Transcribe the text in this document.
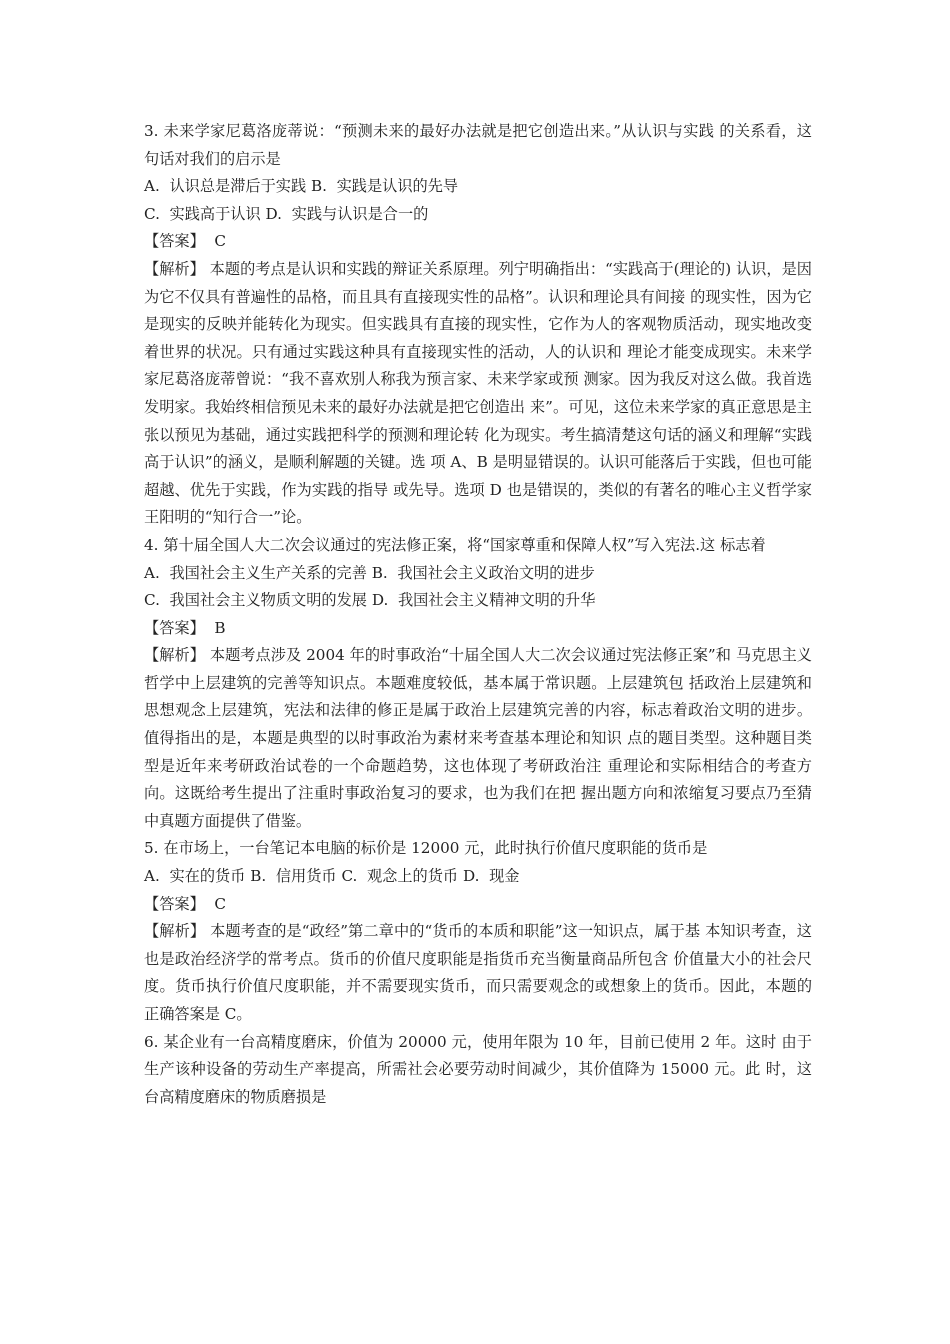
3. 未来学家尼葛洛庞蒂说：“预测未来的最好办法就是把它创造出来。”从认识与实践 的关系看，这句话对我们的启示是

A.  认识总是滞后于实践 B.  实践是认识的先导

C.  实践高于认识 D.  实践与认识是合一的

【答案】  C

【解析】 本题的考点是认识和实践的辩证关系原理。列宁明确指出：“实践高于(理论的) 认识，是因为它不仅具有普遍性的品格，而且具有直接现实性的品格”。认识和理论具有间接 的现实性，因为它是现实的反映并能转化为现实。但实践具有直接的现实性，它作为人的客观物质活动，现实地改变着世界的状况。只有通过实践这种具有直接现实性的活动，人的认识和 理论才能变成现实。未来学家尼葛洛庞蒂曾说：“我不喜欢别人称我为预言家、未来学家或预 测家。因为我反对这么做。我首选发明家。我始终相信预见未来的最好办法就是把它创造出 来”。可见，这位未来学家的真正意思是主张以预见为基础，通过实践把科学的预测和理论转 化为现实。考生搞清楚这句话的涵义和理解“实践高于认识”的涵义，是顺利解题的关键。选 项 A、B 是明显错误的。认识可能落后于实践，但也可能超越、优先于实践，作为实践的指导 或先导。选项 D 也是错误的，类似的有著名的唯心主义哲学家王阳明的“知行合一”论。

4. 第十届全国人大二次会议通过的宪法修正案，将“国家尊重和保障人权”写入宪法.这 标志着

A.  我国社会主义生产关系的完善 B.  我国社会主义政治文明的进步

C.  我国社会主义物质文明的发展 D.  我国社会主义精神文明的升华

【答案】  B

【解析】 本题考点涉及 2004 年的时事政治“十届全国人大二次会议通过宪法修正案”和 马克思主义哲学中上层建筑的完善等知识点。本题难度较低，基本属于常识题。上层建筑包 括政治上层建筑和思想观念上层建筑，宪法和法律的修正是属于政治上层建筑完善的内容，标志着政治文明的进步。值得指出的是，本题是典型的以时事政治为素材来考查基本理论和知识 点的题目类型。这种题目类型是近年来考研政治试卷的一个命题趋势，这也体现了考研政治注 重理论和实际相结合的考查方向。这既给考生提出了注重时事政治复习的要求，也为我们在把 握出题方向和浓缩复习要点乃至猜中真题方面提供了借鉴。

5. 在市场上，一台笔记本电脑的标价是 12000 元，此时执行价值尺度职能的货币是

A.  实在的货币 B.  信用货币 C.  观念上的货币 D.  现金

【答案】  C

【解析】 本题考查的是“政经”第二章中的“货币的本质和职能”这一知识点，属于基 本知识考查，这也是政治经济学的常考点。货币的价值尺度职能是指货币充当衡量商品所包含 价值量大小的社会尺度。货币执行价值尺度职能，并不需要现实货币，而只需要观念的或想象上的货币。因此，本题的正确答案是 C。

6. 某企业有一台高精度磨床，价值为 20000 元，使用年限为 10 年，目前已使用 2 年。这时 由于生产该种设备的劳动生产率提高，所需社会必要劳动时间减少，其价值降为 15000 元。此 时，这台高精度磨床的物质磨损是
